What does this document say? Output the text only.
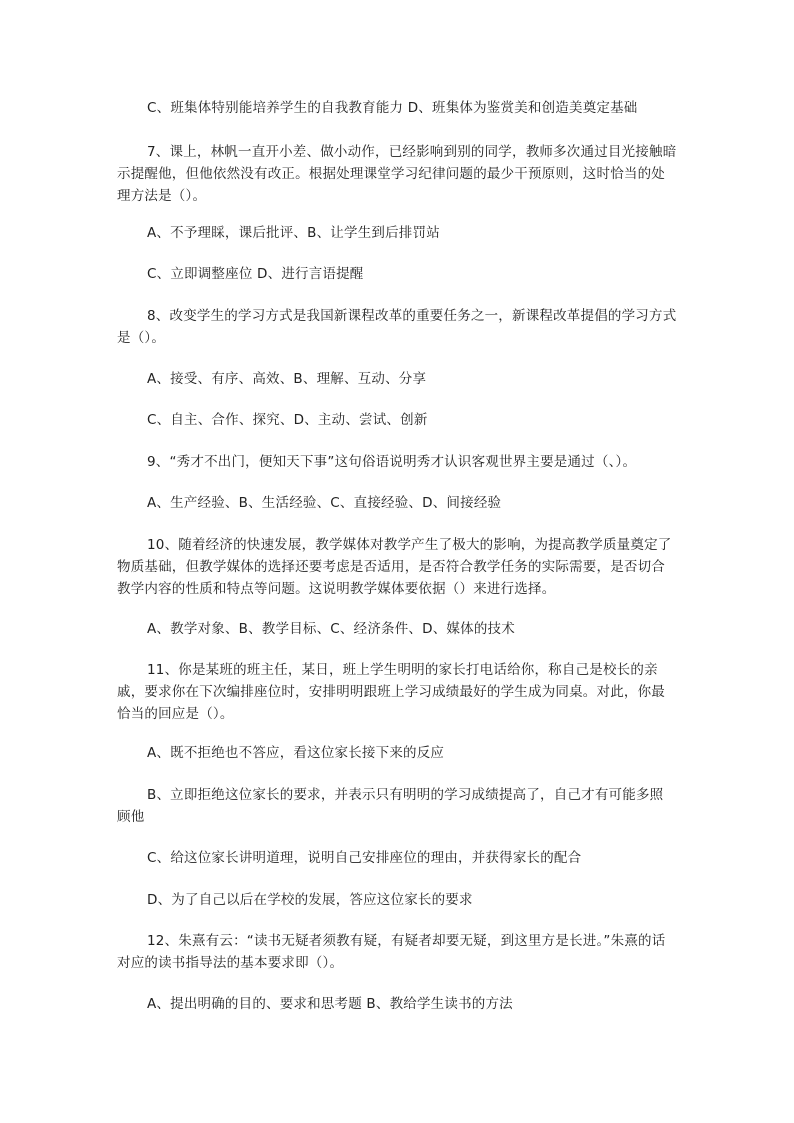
C、班集体特别能培养学生的自我教育能力 D、班集体为鉴赏美和创造美奠定基础

7、课上，林帆一直开小差、做小动作，已经影响到别的同学，教师多次通过目光接触暗示提醒他，但他依然没有改正。根据处理课堂学习纪律问题的最少干预原则，这时恰当的处理方法是（）。

A、不予理睬，课后批评、B、让学生到后排罚站

C、立即调整座位 D、进行言语提醒

8、改变学生的学习方式是我国新课程改革的重要任务之一，新课程改革提倡的学习方式是（）。

A、接受、有序、高效、B、理解、互动、分享

C、自主、合作、探究、D、主动、尝试、创新

9、“秀才不出门，便知天下事”这句俗语说明秀才认识客观世界主要是通过（、）。

A、生产经验、B、生活经验、C、直接经验、D、间接经验

10、随着经济的快速发展，教学媒体对教学产生了极大的影响，为提高教学质量奠定了物质基础，但教学媒体的选择还要考虑是否适用，是否符合教学任务的实际需要，是否切合教学内容的性质和特点等问题。这说明教学媒体要依据（）来进行选择。

A、教学对象、B、教学目标、C、经济条件、D、媒体的技术

11、你是某班的班主任，某日，班上学生明明的家长打电话给你，称自己是校长的亲戚，要求你在下次编排座位时，安排明明跟班上学习成绩最好的学生成为同桌。对此，你最恰当的回应是（）。

A、既不拒绝也不答应，看这位家长接下来的反应

B、立即拒绝这位家长的要求，并表示只有明明的学习成绩提高了，自己才有可能多照顾他

C、给这位家长讲明道理，说明自己安排座位的理由，并获得家长的配合

D、为了自己以后在学校的发展，答应这位家长的要求

12、朱熹有云：“读书无疑者须教有疑，有疑者却要无疑，到这里方是长进。”朱熹的话对应的读书指导法的基本要求即（）。

A、提出明确的目的、要求和思考题 B、教给学生读书的方法
